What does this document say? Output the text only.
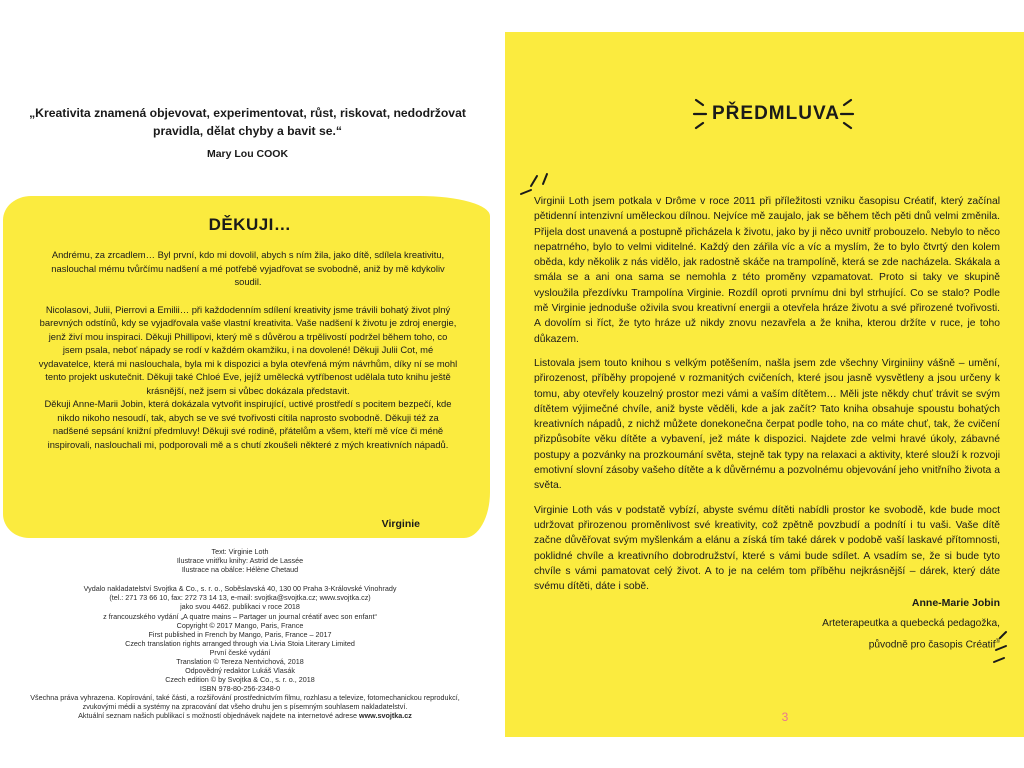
„Kreativita znamená objevovat, experimentovat, růst, riskovat, nedodržovat pravidla, dělat chyby a bavit se.“
Mary Lou COOK
DĚKUJI…

Andrému, za zrcadlem… Byl první, kdo mi dovolil, abych s ním žila, jako dítě, sdílela kreativitu, naslouchal mému tvůrčímu nadšení a mé potřebě vyjadřovat se svobodně, aniž by mě kdykoliv soudil.

Nicolasovi, Julii, Pierrovi a Emilii… při každodenním sdílení kreativity jsme trávili bohatý život plný barevných odstínů, kdy se vyjadřovala vaše vlastní kreativita. Vaše nadšení k životu je zdroj energie, jenž živí mou inspiraci. Děkuji Phillipovi, který mě s důvěrou a trpělivostí podržel během toho, co jsem psala, neboť nápady se rodí v každém okamžiku, i na dovolené! Děkuji Julii Cot, mé vydavatelce, která mi naslouchala, byla mi k dispozici a byla otevřená mým návrhům, díky ní se mohl tento projekt uskutečnit. Děkuji také Chloé Eve, jejíž umělecká vytříbenost udělala tuto knihu ještě krásnější, než jsem si vůbec dokázala představit.

Děkuji Anne-Marii Jobin, která dokázala vytvořit inspirující, uctivé prostředí s pocitem bezpečí, kde nikdo nikoho nesoudí, tak, abych se ve své tvořivosti cítila naprosto svobodně. Děkuji též za nadšené sepsání knižní předmluvy! Děkuji své rodině, přátelům a všem, kteří mě více či méně inspirovali, naslouchali mi, podporovali mě a s chutí zkoušeli některé z mých kreativních nápadů.

Virginie
Text: Virginie Loth
Ilustrace vnitřku knihy: Astrid de Lassée
Ilustrace na obálce: Hélène Chetaud
Vydalo nakladatelství Svojtka & Co., s. r. o., Soběslavská 40, 130 00 Praha 3-Královské Vinohrady
(tel.: 271 73 66 10, fax: 272 73 14 13, e-mail: svojtka@svojtka.cz; www.svojtka.cz)
jako svou 4462. publikaci v roce 2018
z francouzského vydání „A quatre mains – Partager un journal créatif avec son enfant“
Copyright © 2017 Mango, Paris, France
First published in French by Mango, Paris, France – 2017
Czech translation rights arranged through via Livia Stoia Literary Limited
První české vydání
Translation © Tereza Nentvichová, 2018
Odpovědný redaktor Lukáš Vlasák
Czech edition © by Svojtka & Co., s. r. o., 2018
ISBN 978-80-256-2348-0
Všechna práva vyhrazena. Kopírování, také části, a rozšiřování prostřednictvím filmu, rozhlasu a televize, fotomechanickou reprodukcí,
zvukovými médii a systémy na zpracování dat všeho druhu jen s písemným souhlasem nakladatelství.
Aktuální seznam našich publikací s možností objednávek najdete na internetové adrese www.svojtka.cz
PŘEDMLUVA

Virginii Loth jsem potkala v Drôme v roce 2011 při příležitosti vzniku časopisu Créatif, který začínal pětidenní intenzivní uměleckou dílnou. Nejvíce mě zaujalo, jak se během těch pěti dnů velmi změnila. Přijela dost unavená a postupně přicházela k životu, jako by ji něco uvnitř probouzelo. Nebylo to něco nepatrného, bylo to velmi viditelné. Každý den zářila víc a víc a myslím, že to bylo čtvrtý den kolem oběda, kdy několik z nás vidělo, jak radostně skáče na trampolíně, která se zde nacházela. Skákala a smála se a ani ona sama se nemohla z této proměny vzpamatovat. Proto si taky ve skupině vysloužila přezdívku Trampolína Virginie. Rozdíl oproti prvnímu dni byl strhující. Co se stalo? Podle mě Virginie jednoduše oživila svou kreativní energii a otevřela hráze životu a své přirozené tvořivosti. A dovolím si říct, že tyto hráze už nikdy znovu nezavřela a že kniha, kterou držíte v ruce, je toho důkazem.

Listovala jsem touto knihou s velkým potěšením, našla jsem zde všechny Virginiiny vášně – umění, přirozenost, příběhy propojené v rozmanitých cvičeních, které jsou jasně vysvětleny a jsou určeny k tomu, aby otevřely kouzelný prostor mezi vámi a vaším dítětem… Měli jste někdy chuť trávit se svým dítětem výjimečné chvíle, aniž byste věděli, kde a jak začít? Tato kniha obsahuje spoustu bohatých kreativních nápadů, z nichž můžete donekonečna čerpat podle toho, na co máte chuť, tak, že cvičení přizpůsobíte věku dítěte a vybavení, jež máte k dispozici. Najdete zde velmi hravé úkoly, zábavné postupy a pozvánky na prozkoumání světa, stejně tak typy na relaxaci a aktivity, které slouží k rozvoji emotivní slovní zásoby vašeho dítěte a k důvěrnému a pozvolnému objevování jeho vnitřního života a světa.

Virginie Loth vás v podstatě vybízí, abyste svému dítěti nabídli prostor ke svobodě, kde bude moct udržovat přirozenou proměnlivost své kreativity, což zpětně povzbudí a podnítí i tu vaši. Vaše dítě začne důvěřovat svým myšlenkám a elánu a získá tím také dárek v podobě vaší laskavé přítomnosti, poklidné chvíle a kreativního dobrodružství, které s vámi bude sdílet. A vsadím se, že si bude tyto chvíle s vámi pamatovat celý život. A to je na celém tom příběhu nejkrásnější – dárek, který dáte svému dítěti, dáte i sobě.

Anne-Marie Jobin
Arteterapeutka a quebecká pedagožka,
původně pro časopis Créatif®
3
